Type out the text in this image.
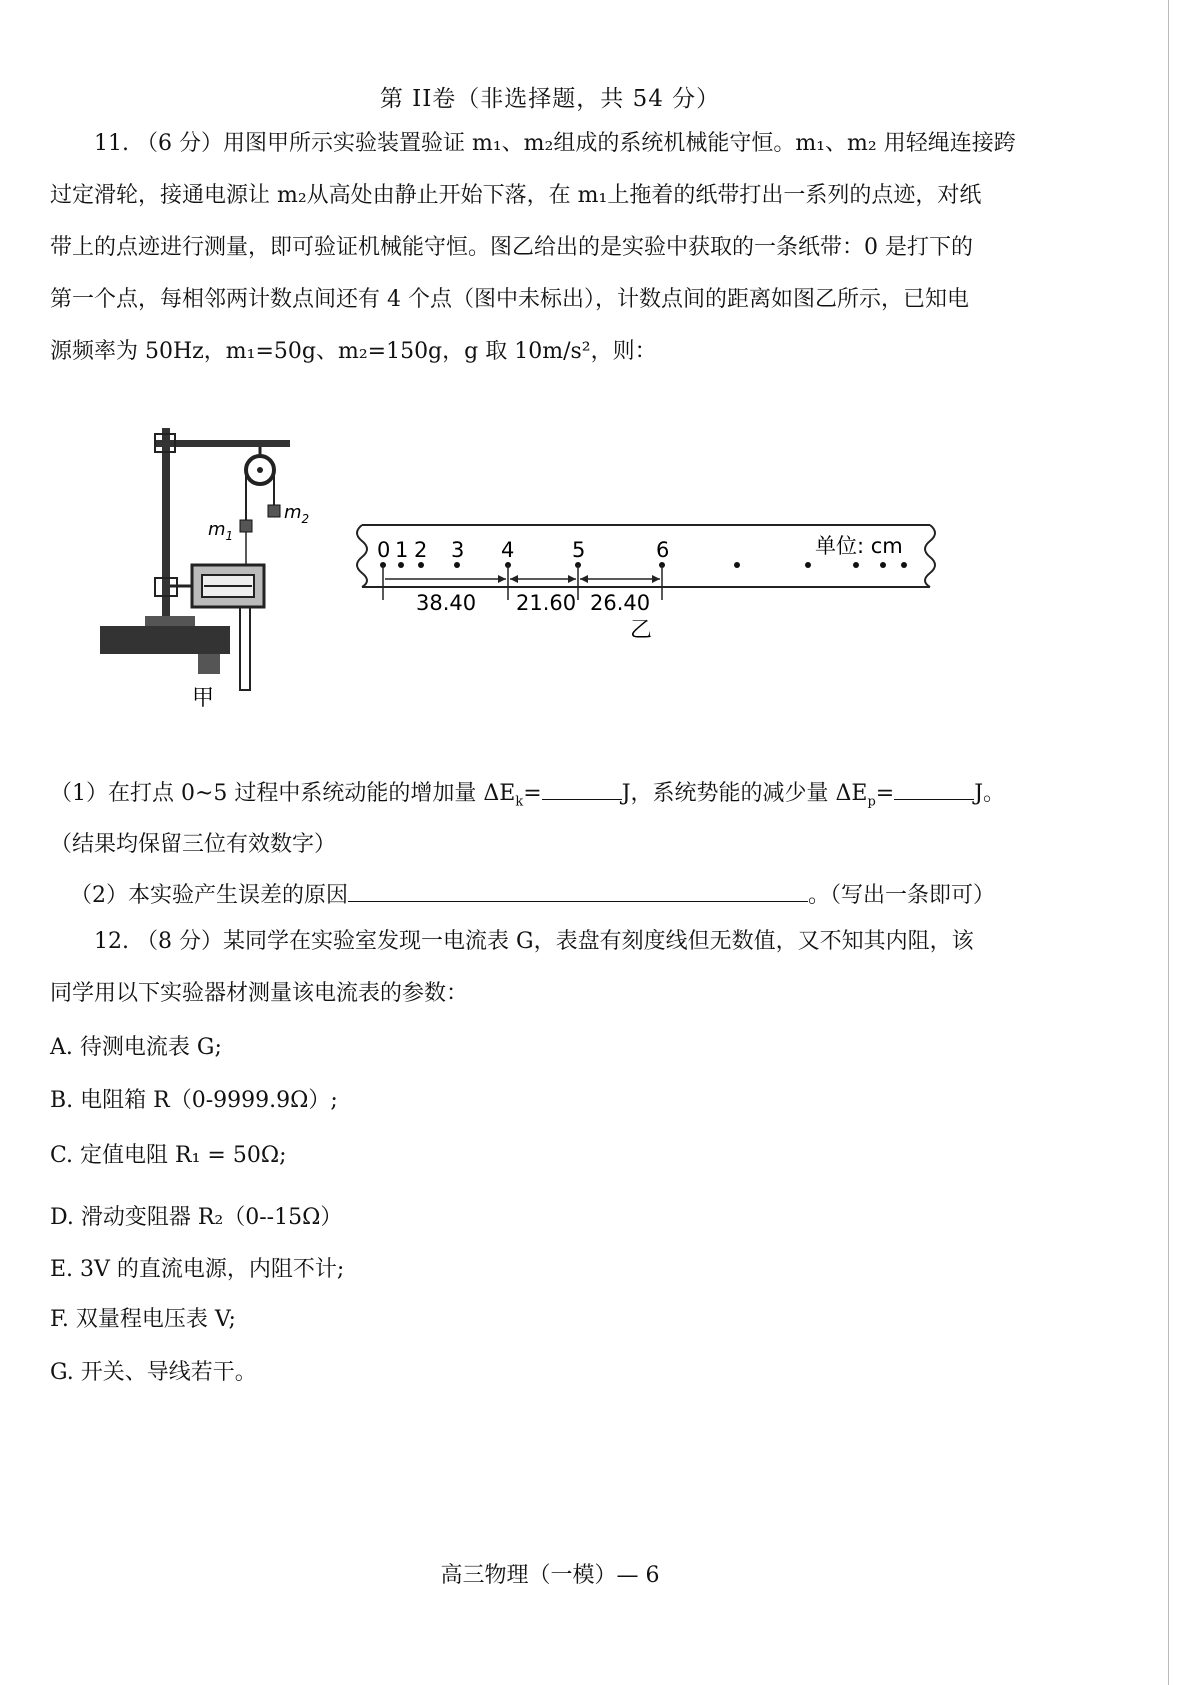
第 II卷（非选择题，共 54 分）
11. （6 分）用图甲所示实验装置验证 m₁、m₂组成的系统机械能守恒。m₁、m₂ 用轻绳连接跨
过定滑轮，接通电源让 m₂从高处由静止开始下落，在 m₁上拖着的纸带打出一系列的点迹，对纸
带上的点迹进行测量，即可验证机械能守恒。图乙给出的是实验中获取的一条纸带：0 是打下的
第一个点，每相邻两计数点间还有 4 个点（图中未标出），计数点间的距离如图乙所示，已知电
源频率为 50Hz，m₁=50g、m₂=150g，g 取 10m/s²，则：
$m_2$
$m_1$
甲
单位: cm
0 1 2 3 4	5	6
38.40 21.60 26.40
乙
（1）在打点 0~5 过程中系统动能的增加量 $\Delta E_k=$	J，系统势能的减少量 $\Delta E_p=$	J。
（结果均保留三位有效数字）
（2）本实验产生误差的原因	。（写出一条即可）
12. （8 分）某同学在实验室发现一电流表 G，表盘有刻度线但无数值，又不知其内阻，该
同学用以下实验器材测量该电流表的参数：
A. 待测电流表 G;
B. 电阻箱 R（0-9999.9Ω）;
C. 定值电阻 R₁ = 50Ω;
D. 滑动变阻器 R₂（0--15Ω）
E. 3V 的直流电源，内阻不计;
F. 双量程电压表 V;
G. 开关、导线若干。
高三物理（一模）— 6
